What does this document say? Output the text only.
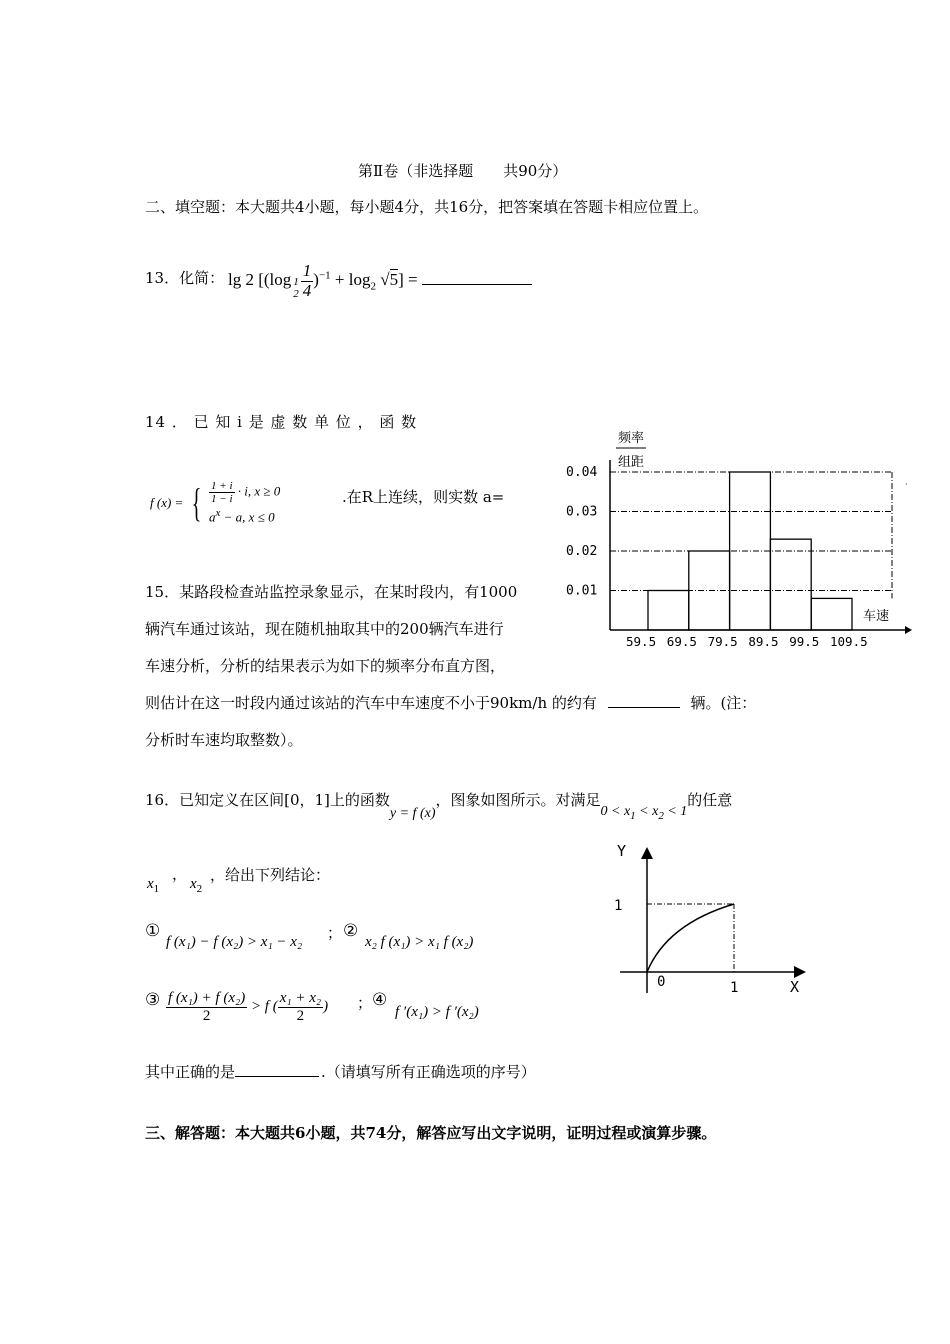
第Ⅱ卷（非选择题　　共90分）
二、填空题：本大题共4小题，每小题4分，共16分，把答案填在答题卡相应位置上。
13．化简： lg 2 [(log 1
$2 \frac{1}{4} )^{-1} + \log_2 √5$] =
14 ． 已 知 i 是 虚 数 单 位 ， 函 数
f (x) = { $\frac{1 + i}{1 - i} \cdot i$, x ≥ 0
$a^x - a$, x ≤ 0
.在R上连续，则实数 a=
频率
组距
车速
0.01
0.02
0.03
0.04
59.5 69.5 79.5 89.5 99.5 109.5
·
15．某路段检查站监控录象显示，在某时段内，有1000
辆汽车通过该站，现在随机抽取其中的200辆汽车进行
车速分析，分析的结果表示为如下的频率分布直方图，
则估计在这一时段内通过该站的汽车中车速度不小于90km/h 的约有	辆。(注：
分析时车速均取整数）。
16．已知定义在区间[0，1]上的函数y = f (x)，图象如图所示。对满足$0 < x_1 < x_2 < 1$的任意
$x_1$
，
$x_2$
，给出下列结论：
①
f (x₁) − f (x₂) > x₁ − x₂ ； ②
x₂ f (x₁) > x₁ f (x₂)
③ $\frac{\text{f (x₁) + f (x₂)}}{2} > f$ ( $\frac{\text{x₁ + x₂}}{2}$ ) ； ④
f ′(x₁) > f ′(x₂)
Y
X
0	1
1
其中正确的是	.（请填写所有正确选项的序号）
三、解答题：本大题共6小题，共74分，解答应写出文字说明，证明过程或演算步骤。
